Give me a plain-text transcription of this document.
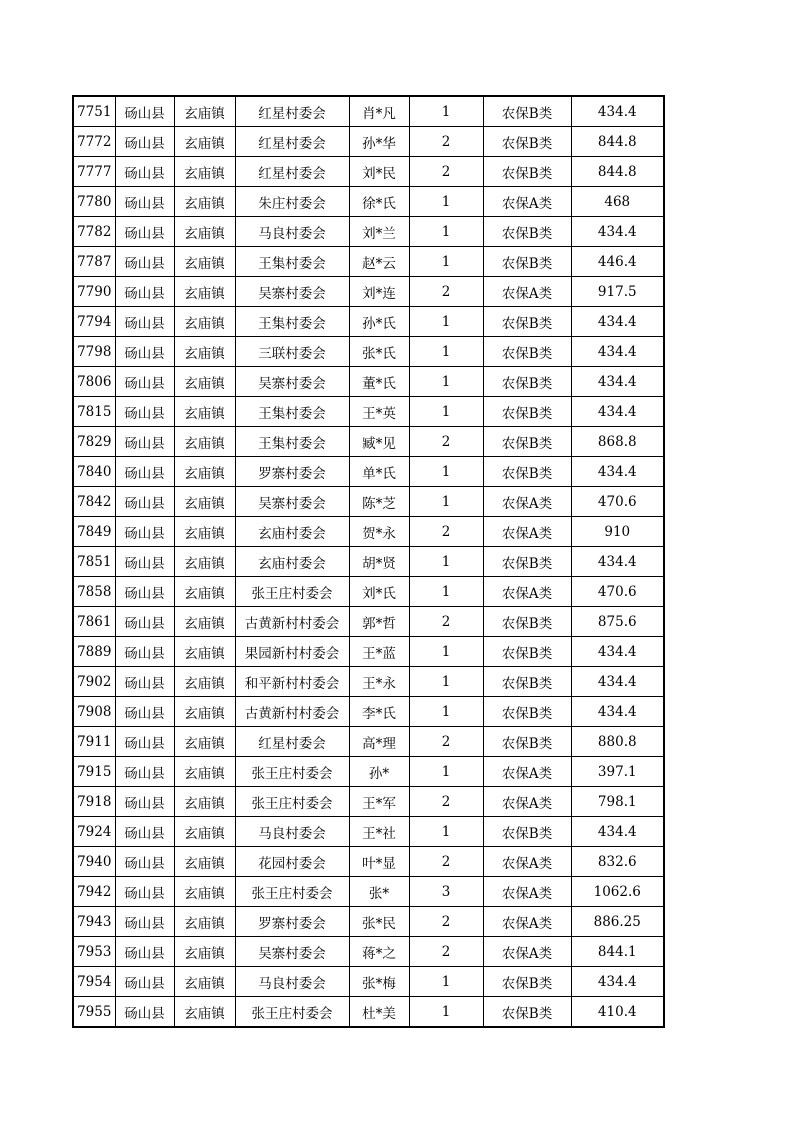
7751	砀山县	玄庙镇	红星村委会	肖*凡	1	农保B类	434.4
7772	砀山县	玄庙镇	红星村委会	孙*华	2	农保B类	844.8
7777	砀山县	玄庙镇	红星村委会	刘*民	2	农保B类	844.8
7780	砀山县	玄庙镇	朱庄村委会	徐*氏	1	农保A类	468
7782	砀山县	玄庙镇	马良村委会	刘*兰	1	农保B类	434.4
7787	砀山县	玄庙镇	王集村委会	赵*云	1	农保B类	446.4
7790	砀山县	玄庙镇	吴寨村委会	刘*连	2	农保A类	917.5
7794	砀山县	玄庙镇	王集村委会	孙*氏	1	农保B类	434.4
7798	砀山县	玄庙镇	三联村委会	张*氏	1	农保B类	434.4
7806	砀山县	玄庙镇	吴寨村委会	董*氏	1	农保B类	434.4
7815	砀山县	玄庙镇	王集村委会	王*英	1	农保B类	434.4
7829	砀山县	玄庙镇	王集村委会	臧*见	2	农保B类	868.8
7840	砀山县	玄庙镇	罗寨村委会	单*氏	1	农保B类	434.4
7842	砀山县	玄庙镇	吴寨村委会	陈*芝	1	农保A类	470.6
7849	砀山县	玄庙镇	玄庙村委会	贺*永	2	农保A类	910
7851	砀山县	玄庙镇	玄庙村委会	胡*贤	1	农保B类	434.4
7858	砀山县	玄庙镇	张王庄村委会	刘*氏	1	农保A类	470.6
7861	砀山县	玄庙镇	古黄新村村委会	郭*哲	2	农保B类	875.6
7889	砀山县	玄庙镇	果园新村村委会	王*蓝	1	农保B类	434.4
7902	砀山县	玄庙镇	和平新村村委会	王*永	1	农保B类	434.4
7908	砀山县	玄庙镇	古黄新村村委会	李*氏	1	农保B类	434.4
7911	砀山县	玄庙镇	红星村委会	高*理	2	农保B类	880.8
7915	砀山县	玄庙镇	张王庄村委会	孙*	1	农保A类	397.1
7918	砀山县	玄庙镇	张王庄村委会	王*军	2	农保A类	798.1
7924	砀山县	玄庙镇	马良村委会	王*社	1	农保B类	434.4
7940	砀山县	玄庙镇	花园村委会	叶*显	2	农保A类	832.6
7942	砀山县	玄庙镇	张王庄村委会	张*	3	农保A类	1062.6
7943	砀山县	玄庙镇	罗寨村委会	张*民	2	农保A类	886.25
7953	砀山县	玄庙镇	吴寨村委会	蒋*之	2	农保A类	844.1
7954	砀山县	玄庙镇	马良村委会	张*梅	1	农保B类	434.4
7955	砀山县	玄庙镇	张王庄村委会	杜*美	1	农保B类	410.4
